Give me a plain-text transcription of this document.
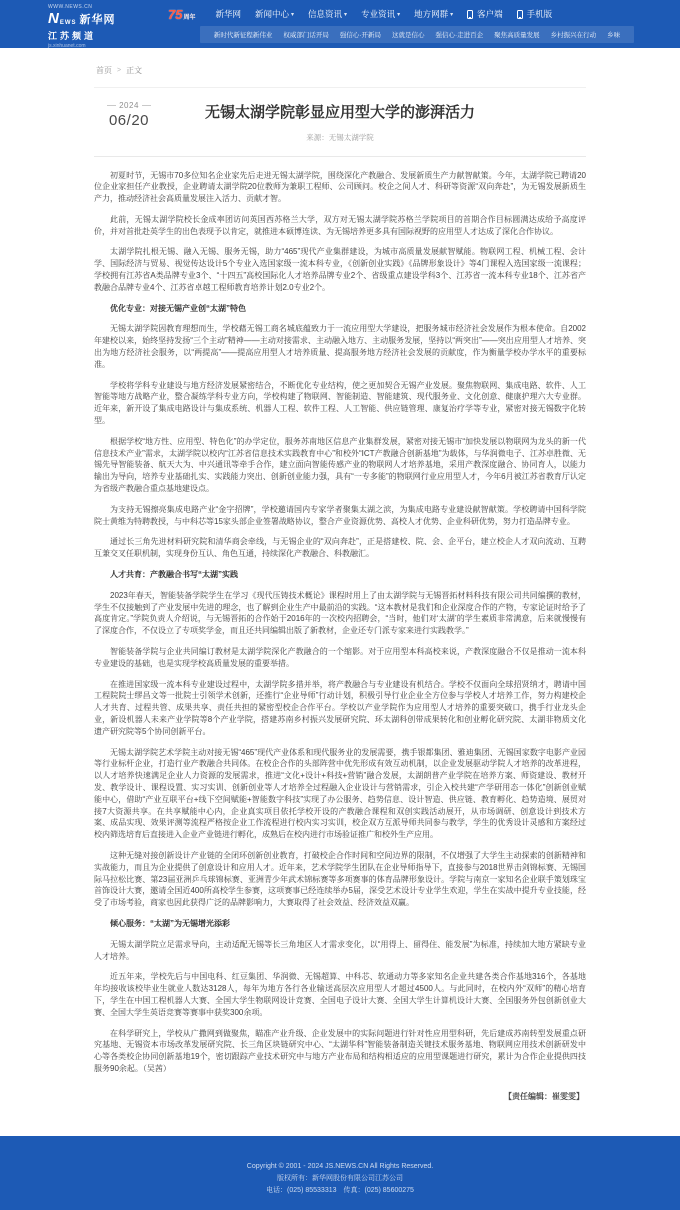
WWW.NEWS.CN
N EWS 新华网
江苏频道
js.xinhuanet.com
75 周年 新华网 新闻中心 ▾ 信息资讯 ▾ 专业资讯 ▾ 地方网群 ▾	客户端	手机版
新时代新征程新伟业 权威部门话开局 强信心·开新局 这就是信心 强信心·走进百企 聚焦高质量发展 乡村振兴在行动 乡味
首页 > 正文
2024
06/20	无锡太湖学院彰显应用型大学的澎湃活力
来源：无锡太湖学院

初夏时节，无锡市70多位知名企业家先后走进无锡太湖学院，围绕深化产教融合、发展新质生产力献智献策。今年，太湖学院已聘请20位企业家担任产业教授，企业聘请太湖学院20位教师为兼职工程师、公司顾问。校企之间人才、科研等资源“双向奔赴”，为无锡发展新质生产力，推动经济社会高质量发展注入活力、贡献才智。

此前，无锡太湖学院校长金成率团访问英国西苏格兰大学，双方对无锡太湖学院苏格兰学院项目的首期合作目标圆满达成给予高度评价，并对首批赴英学生的出色表现予以肯定，就推进本硕博连读、为无锡培养更多具有国际视野的应用型人才达成了深化合作协议。

太湖学院扎根无锡、融入无锡、服务无锡，助力“465”现代产业集群建设，为城市高质量发展献智赋能。物联网工程、机械工程、会计学、国际经济与贸易、视觉传达设计5个专业入选国家级一流本科专业，《创新创业实践》《品牌形象设计》等4门课程入选国家级一流课程；学校拥有江苏省A类品牌专业3个、“十四五”高校国际化人才培养品牌专业2个、省级重点建设学科3个、江苏省一流本科专业18个、江苏省产教融合品牌专业4个、江苏省卓越工程师教育培养计划2.0专业2个。

优化专业：对接无锡产业创“太湖”特色

无锡太湖学院因教育理想而生，学校藉无锡工商名城底蕴致力于一流应用型大学建设，把服务城市经济社会发展作为根本使命。自2002年建校以来，始终坚持发扬“三个主动”精神——主动对接需求、主动融入地方、主动服务发展，坚持以“两突出”——突出应用型人才培养、突出为地方经济社会服务，以“两提高”——提高应用型人才培养质量、提高服务地方经济社会发展的贡献度，作为衡量学校办学水平的重要标准。

学校将学科专业建设与地方经济发展紧密结合，不断优化专业结构，使之更加契合无锡产业发展。聚焦物联网、集成电路、软件、人工智能等地方战略产业，整合凝练学科专业方向，学校构建了物联网、智能制造、智能建筑、现代服务业、文化创意、健康护理六大专业群。近年来，新开设了集成电路设计与集成系统、机器人工程、软件工程、人工智能、供应链管理、康复治疗学等专业，紧密对接无锡数字化转型。

根据学校“地方性、应用型、特色化”的办学定位，服务苏南地区信息产业集群发展，紧密对接无锡市“加快发展以物联网为龙头的新一代信息技术产业”需求，太湖学院以校内“江苏省信息技术实践教育中心”和校外“ICT产教融合创新基地”为载体，与华润微电子、江苏卓胜微、无锡先导智能装备、航天大为、中兴通讯等牵手合作，建立面向智能传感产业的物联网人才培养基地，采用产教深度融合、协同育人，以能力输出为导向，培养专业基础扎实、实践能力突出、创新创业能力强，具有“一专多能”的物联网行业应用型人才，今年6月被江苏省教育厅认定为省级产教融合重点基地建设点。

为支持无锡擦亮集成电路产业“金字招牌”，学校邀请国内专家学者聚集太湖之滨，为集成电路专业建设献智献策。学校聘请中国科学院院士黄维为特聘教授，与中科芯等15家头部企业签署战略协议，整合产业资源优势、高校人才优势、企业科研优势，努力打造品牌专业。

通过长三角先进材料研究院和清华商会牵线，与无锡企业的“双向奔赴”，正是搭建校、院、会、企平台，建立校企人才双向流动、互聘互兼交叉任职机制，实现身份互认、角色互通，持续深化产教融合、科教融汇。

人才共育：产教融合书写“太湖”实践

2023年春天，智能装备学院学生在学习《现代压铸技术概论》课程时用上了由太湖学院与无锡晋拓材料科技有限公司共同编撰的教材，学生不仅接触到了产业发展中先进的理念，也了解到企业生产中最前沿的实践。“这本教材是我们和企业深度合作的产物，专家论证时给予了高度肯定。”学院负责人介绍说，与无锡晋拓的合作始于2016年的一次校内招聘会，“当时，他们对‘太湖’的学生素质非常满意，后来就慢慢有了深度合作，不仅设立了专项奖学金，而且还共同编辑出版了新教材，企业还专门派专家来进行实践教学。”

智能装备学院与企业共同编订教材是太湖学院深化产教融合的一个缩影。对于应用型本科高校来说，产教深度融合不仅是推动一流本科专业建设的基础，也是实现学校高质量发展的重要举措。

在推进国家级一流本科专业建设过程中，太湖学院多措并举，将产教融合与专业建设有机结合。学校不仅面向全球招贤纳才，聘请中国工程院院士缪昌文等一批院士引领学术创新，还推行“企业导师”行动计划，积极引导行业企业全方位参与学校人才培养工作，努力构建校企人才共育、过程共管、成果共享、责任共担的紧密型校企合作平台。学校以产业学院作为应用型人才培养的重要突破口，携手行业龙头企业，新设机器人未来产业学院等8个产业学院，搭建苏南乡村振兴发展研究院、环太湖科创带成果转化和创业孵化研究院、太湖非物质文化遗产研究院等5个协同创新平台。

无锡太湖学院艺术学院主动对接无锡“465”现代产业体系和现代服务业的发展需要，携手银都集团、雅迪集团、无锡国家数字电影产业园等行业标杆企业，打造行业产教融合共同体。在校企合作的头部阵营中优先形成有效互动机制，以企业发展驱动学院人才培养的改革进程，以人才培养快速满足企业人力资源的发展需求，推进“文化+设计+科技+营销”融合发展，太湖朗普产业学院在培养方案、师资建设、教材开发、教学设计、课程设置、实习实训、创新创业等人才培养全过程融入企业设计与营销需求，引企入校共建“产学研用态一体化”创新创业赋能中心，借助“产业互联平台+线下空间赋能+智能数字科技”实现了办公服务、趋势信息、设计智造、供应链、教育孵化、趋势造境、展贸对接7大资源共享。在共享赋能中心内，企业真实项目依托学校开设的产教融合课程和双创实践活动展开，从市场调研、创意设计到技术方案、成品实现、效果评测等流程严格按企业工作流程进行校内实习实训，校企双方互派导师共同参与教学，学生的优秀设计灵感和方案经过校内筛选培育后直接进入企业产业链进行孵化，成熟后在校内进行市场验证推广和校外生产应用。

这种无缝对接创新设计产业链的全闭环创新创业教育，打破校企合作时间和空间边界的限制，不仅增强了大学生主动探索的创新精神和实战能力，而且为企业提供了创意设计和应用人才。近年来，艺术学院学生团队在企业导师指导下，直接参与2018世界击剑锦标赛、无锡国际马拉松比赛、第23届亚洲乒乓球锦标赛、亚洲青少年武术锦标赛等多项赛事的体育品牌形象设计。学院与南京一家知名企业联手策划珠宝首饰设计大赛，邀请全国近400所高校学生参赛，这项赛事已经连续举办5届，深受艺术设计专业学生欢迎，学生在实战中提升专业技能，经受了市场考验，商家也因此获得广泛的品牌影响力，大赛取得了社会效益、经济效益双赢。

倾心服务：“太湖”为无锡增光添彩

无锡太湖学院立足需求导向，主动适配无锡等长三角地区人才需求变化，以“用得上、留得住、能发展”为标准，持续加大地方紧缺专业人才培养。

近五年来，学校先后与中国电科、红豆集团、华润微、无锡超算、中科芯、软通动力等多家知名企业共建各类合作基地316个，各基地年均接收该校毕业生就业人数达3128人，每年为地方各行各业输送高层次应用型人才超过4500人。与此同时，在校内外“双师”的精心培育下，学生在中国工程机器人大赛、全国大学生物联网设计竞赛、全国电子设计大赛、全国大学生计算机设计大赛、全国服务外包创新创业大赛、全国大学生英语竞赛等赛事中获奖300余项。

在科学研究上，学校从广撒网到做聚焦，瞄准产业升级、企业发展中的实际问题进行针对性应用型科研，先后建成苏南转型发展重点研究基地、无锡资本市场改革发展研究院、长三角区块链研究中心、“太湖华科”智能装备制造关键技术服务基地、物联网应用技术创新研发中心等各类校企协同创新基地19个，密切跟踪产业技术研究中与地方产业布局和结构相适应的应用型课题进行研究，累计为合作企业提供四技服务90余起。（吴茜）

【责任编辑：崔雯雯】
Copyright © 2001 - 2024 JS.NEWS.CN All Rights Reserved.
版权所有：新华网股份有限公司江苏公司
电话：(025) 85533313　传真：(025) 85600275
